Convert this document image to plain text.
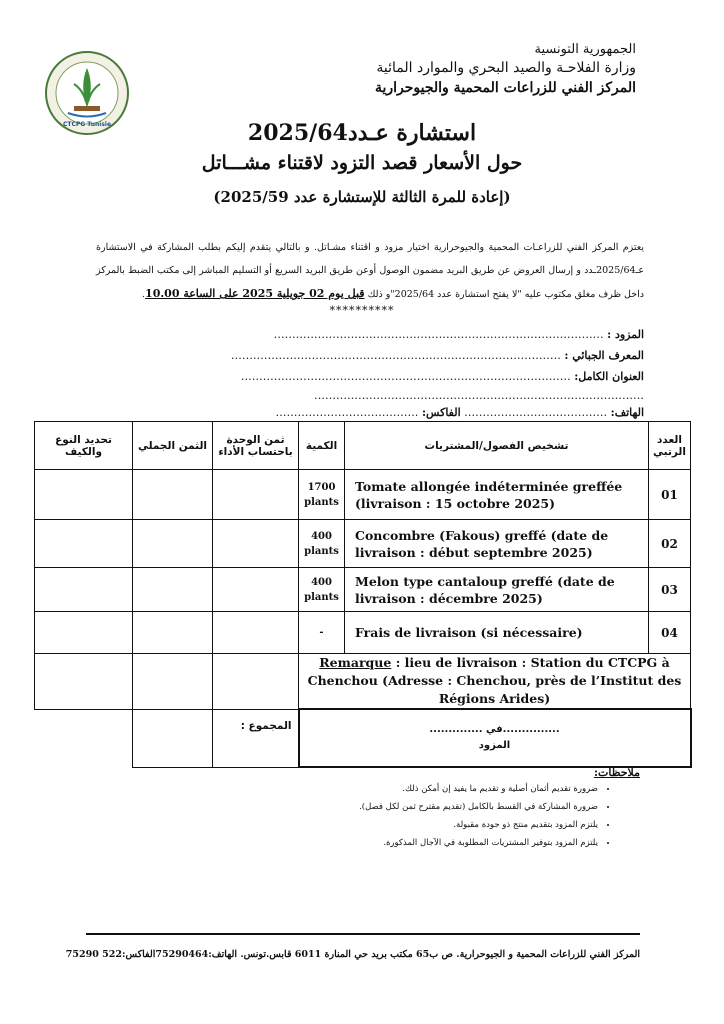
الجمهورية التونسية
وزارة الفلاحـة والصيد البحري والموارد المائية
المركز الفني للزراعات المحمية والجيوحرارية
CTCPG Tunisie	استشارة عـدد2025/64
حول الأسعار قصد التزود لاقتناء مشـــاتل
(إعادة للمرة الثالثة للإستشارة عدد 2025/59)
يعتزم المركز الفني للزراعـات المحمية والجيوحرارية اختيار مزود و اقتناء مشـاتل. و بالتالي يتقدم إليكم بطلب المشاركة في الاستشارة عـ2025/64ـدد و إرسال العروض عن طريق البريد مضمون الوصول أوعن طريق البريد السريع أو التسليم المباشر إلى مكتب الضبط بالمركز داخل ظرف مغلق مكتوب عليه "لا يفتح استشارة عدد 2025/64"و ذلك قبل يوم 02 جويلية 2025 على الساعة 10.00.
**********
المزود : ………………………………………………………………………………
المعرف الجبائي : ………………………………………………………………………………
العنوان الكامل: ………………………………………………………………………………
………………………………………………………………………………
الهاتف: ………………………………… الفاكس: …………………………………
العدد الرتبي	تشخيص الفصول/المشتريات	الكمية	ثمن الوحدة باحتساب الأداء	الثمن الجملي	تحديد النوع والكيف

01	Tomate allongée indéterminée greffée (livraison : 15 octobre 2025)	1700 plants			
02	Concombre (Fakous) greffé (date de livraison : début septembre 2025)	400 plants			
03	Melon type cantaloup greffé (date de livraison : décembre 2025)	400 plants			
04	Frais de livraison (si nécessaire)	-			
Remarque : lieu de livraison : Station du CTCPG à Chenchou (Adresse : Chenchou, près de l’Institut des Régions Arides)					

...............في ..............
المزود			المجموع :		
ملاحظات:
• ضرورة تقديم أثمان أصلية و تقديم ما يفيد إن أمكن ذلك.
• ضرورة المشاركة في القسط بالكامل (تقديم مقترح ثمن لكل فصل).
• يلتزم المزود بتقديم منتج ذو جودة مقبولة.
• يلتزم المزود بتوفير المشتريات المطلوبة في الآجال المذكورة.
المركز الفني للزراعات المحمية و الجيوحرارية. ص ب65 مكتب بريد حي المنارة 6011 قابس.تونس. الهاتف:75290464الفاكس:522 75290
